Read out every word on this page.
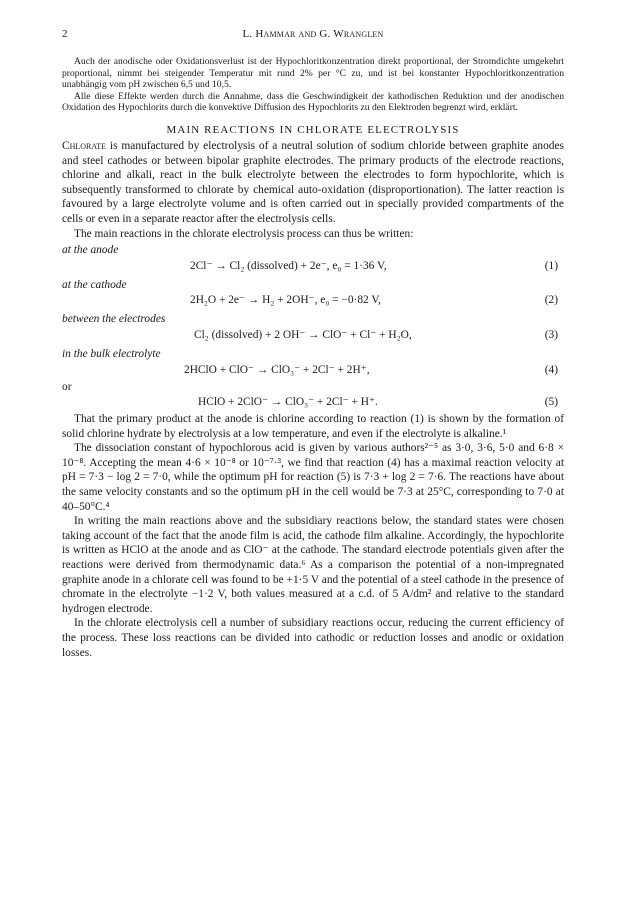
2	L. Hammar and G. Wranglen

Auch der anodische oder Oxidationsverlust ist der Hypochloritkonzentration direkt proportional, der Stromdichte umgekehrt proportional, nimmt bei steigender Temperatur mit rund 2% per °C zu, und ist bei konstanter Hypochloritkonzentration unabhängig vom pH zwischen 6,5 und 10,5.

Alle diese Effekte werden durch die Annahme, dass die Geschwindigkeit der kathodischen Reduktion und der anodischen Oxidation des Hypochlorits durch die konvektive Diffusion des Hypochlorits zu den Elektroden begrenzt wird, erklärt.

MAIN REACTIONS IN CHLORATE ELECTROLYSIS

Chlorate is manufactured by electrolysis of a neutral solution of sodium chloride between graphite anodes and steel cathodes or between bipolar graphite electrodes. The primary products of the electrode reactions, chlorine and alkali, react in the bulk electrolyte between the electrodes to form hypochlorite, which is subsequently transformed to chlorate by chemical auto-oxidation (disproportionation). The latter reaction is favoured by a large electrolyte volume and is often carried out in specially provided compartments of the cells or even in a separate reactor after the electrolysis cells.

The main reactions in the chlorate electrolysis process can thus be written:

at the anode
2Cl⁻ → Cl₂ (dissolved) + 2e⁻, e₀ = 1·36 V,	(1)
at the cathode
2H₂O + 2e⁻ → H₂ + 2OH⁻, e₀ = −0·82 V,	(2)
between the electrodes
Cl₂ (dissolved) + 2 OH⁻ → ClO⁻ + Cl⁻ + H₂O,	(3)
in the bulk electrolyte
2HClO + ClO⁻ → ClO₃⁻ + 2Cl⁻ + 2H⁺,	(4)
or
HClO + 2ClO⁻ → ClO₃⁻ + 2Cl⁻ + H⁺.	(5)

That the primary product at the anode is chlorine according to reaction (1) is shown by the formation of solid chlorine hydrate by electrolysis at a low temperature, and even if the electrolyte is alkaline.¹

The dissociation constant of hypochlorous acid is given by various authors²⁻⁵ as 3·0, 3·6, 5·0 and 6·8 × 10⁻⁸. Accepting the mean 4·6 × 10⁻⁸ or 10⁻⁷·³, we find that reaction (4) has a maximal reaction velocity at pH = 7·3 − log 2 = 7·0, while the optimum pH for reaction (5) is 7·3 + log 2 = 7·6. The reactions have about the same velocity constants and so the optimum pH in the cell would be 7·3 at 25°C, corresponding to 7·0 at 40–50°C.⁴

In writing the main reactions above and the subsidiary reactions below, the standard states were chosen taking account of the fact that the anode film is acid, the cathode film alkaline. Accordingly, the hypochlorite is written as HClO at the anode and as ClO⁻ at the cathode. The standard electrode potentials given after the reactions were derived from thermodynamic data.⁶ As a comparison the potential of a non-impregnated graphite anode in a chlorate cell was found to be +1·5 V and the potential of a steel cathode in the presence of chromate in the electrolyte −1·2 V, both values measured at a c.d. of 5 A/dm² and relative to the standard hydrogen electrode.

In the chlorate electrolysis cell a number of subsidiary reactions occur, reducing the current efficiency of the process. These loss reactions can be divided into cathodic or reduction losses and anodic or oxidation losses.
